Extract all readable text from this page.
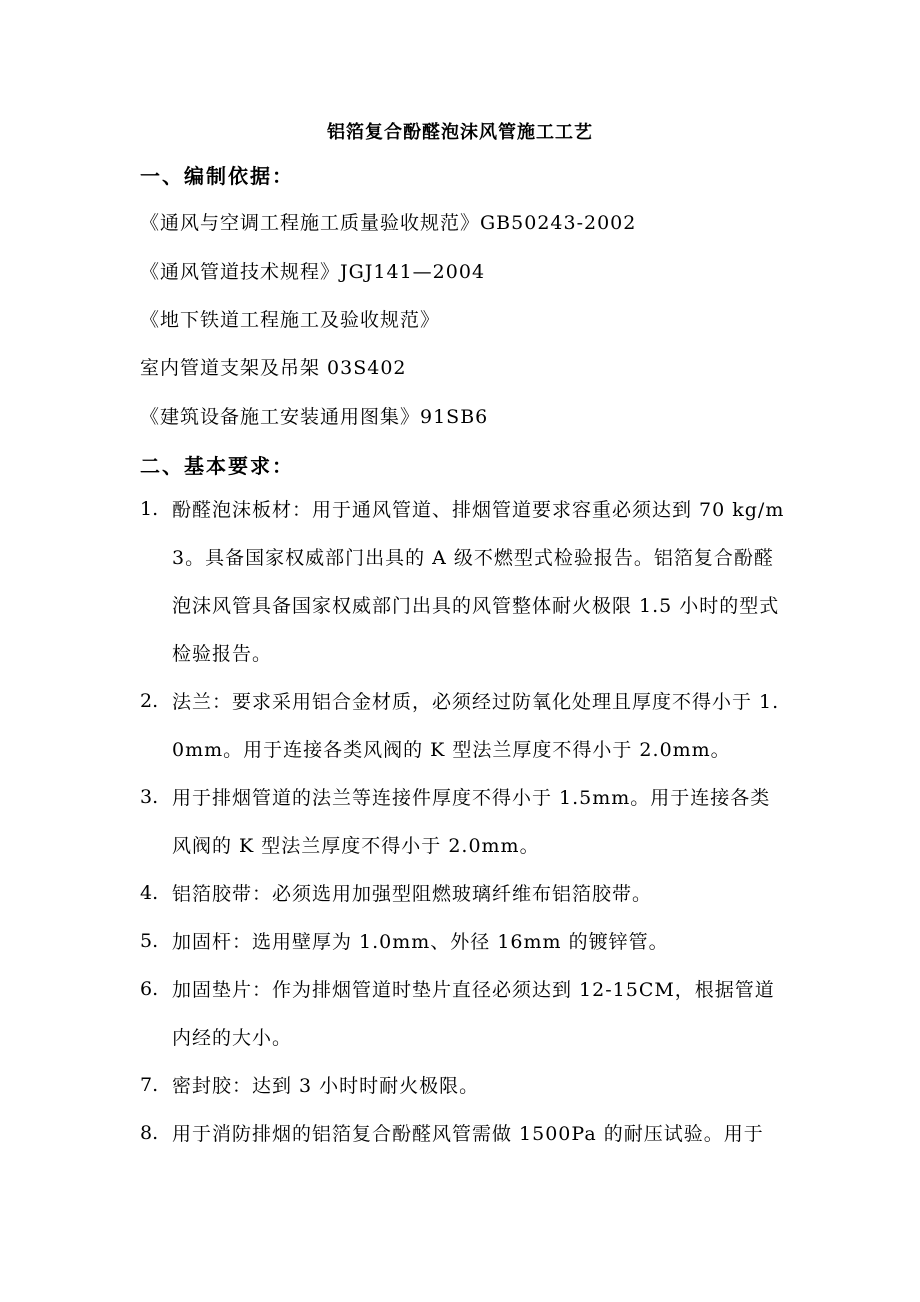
铝箔复合酚醛泡沫风管施工工艺
一、编制依据：
《通风与空调工程施工质量验收规范》GB50243-2002
《通风管道技术规程》JGJ141—2004
《地下铁道工程施工及验收规范》
室内管道支架及吊架 03S402
《建筑设备施工安装通用图集》91SB6
二、基本要求：
1. 酚醛泡沫板材：用于通风管道、排烟管道要求容重必须达到 70 kg/m3。具备国家权威部门出具的 A 级不燃型式检验报告。铝箔复合酚醛泡沫风管具备国家权威部门出具的风管整体耐火极限 1.5 小时的型式检验报告。
2. 法兰：要求采用铝合金材质，必须经过防氧化处理且厚度不得小于 1.0mm。用于连接各类风阀的 K 型法兰厚度不得小于 2.0mm。
3. 用于排烟管道的法兰等连接件厚度不得小于 1.5mm。用于连接各类风阀的 K 型法兰厚度不得小于 2.0mm。
4. 铝箔胶带：必须选用加强型阻燃玻璃纤维布铝箔胶带。
5. 加固杆：选用壁厚为 1.0mm、外径 16mm 的镀锌管。
6. 加固垫片：作为排烟管道时垫片直径必须达到 12-15CM，根据管道内经的大小。
7. 密封胶：达到 3 小时时耐火极限。
8. 用于消防排烟的铝箔复合酚醛风管需做 1500Pa 的耐压试验。用于
